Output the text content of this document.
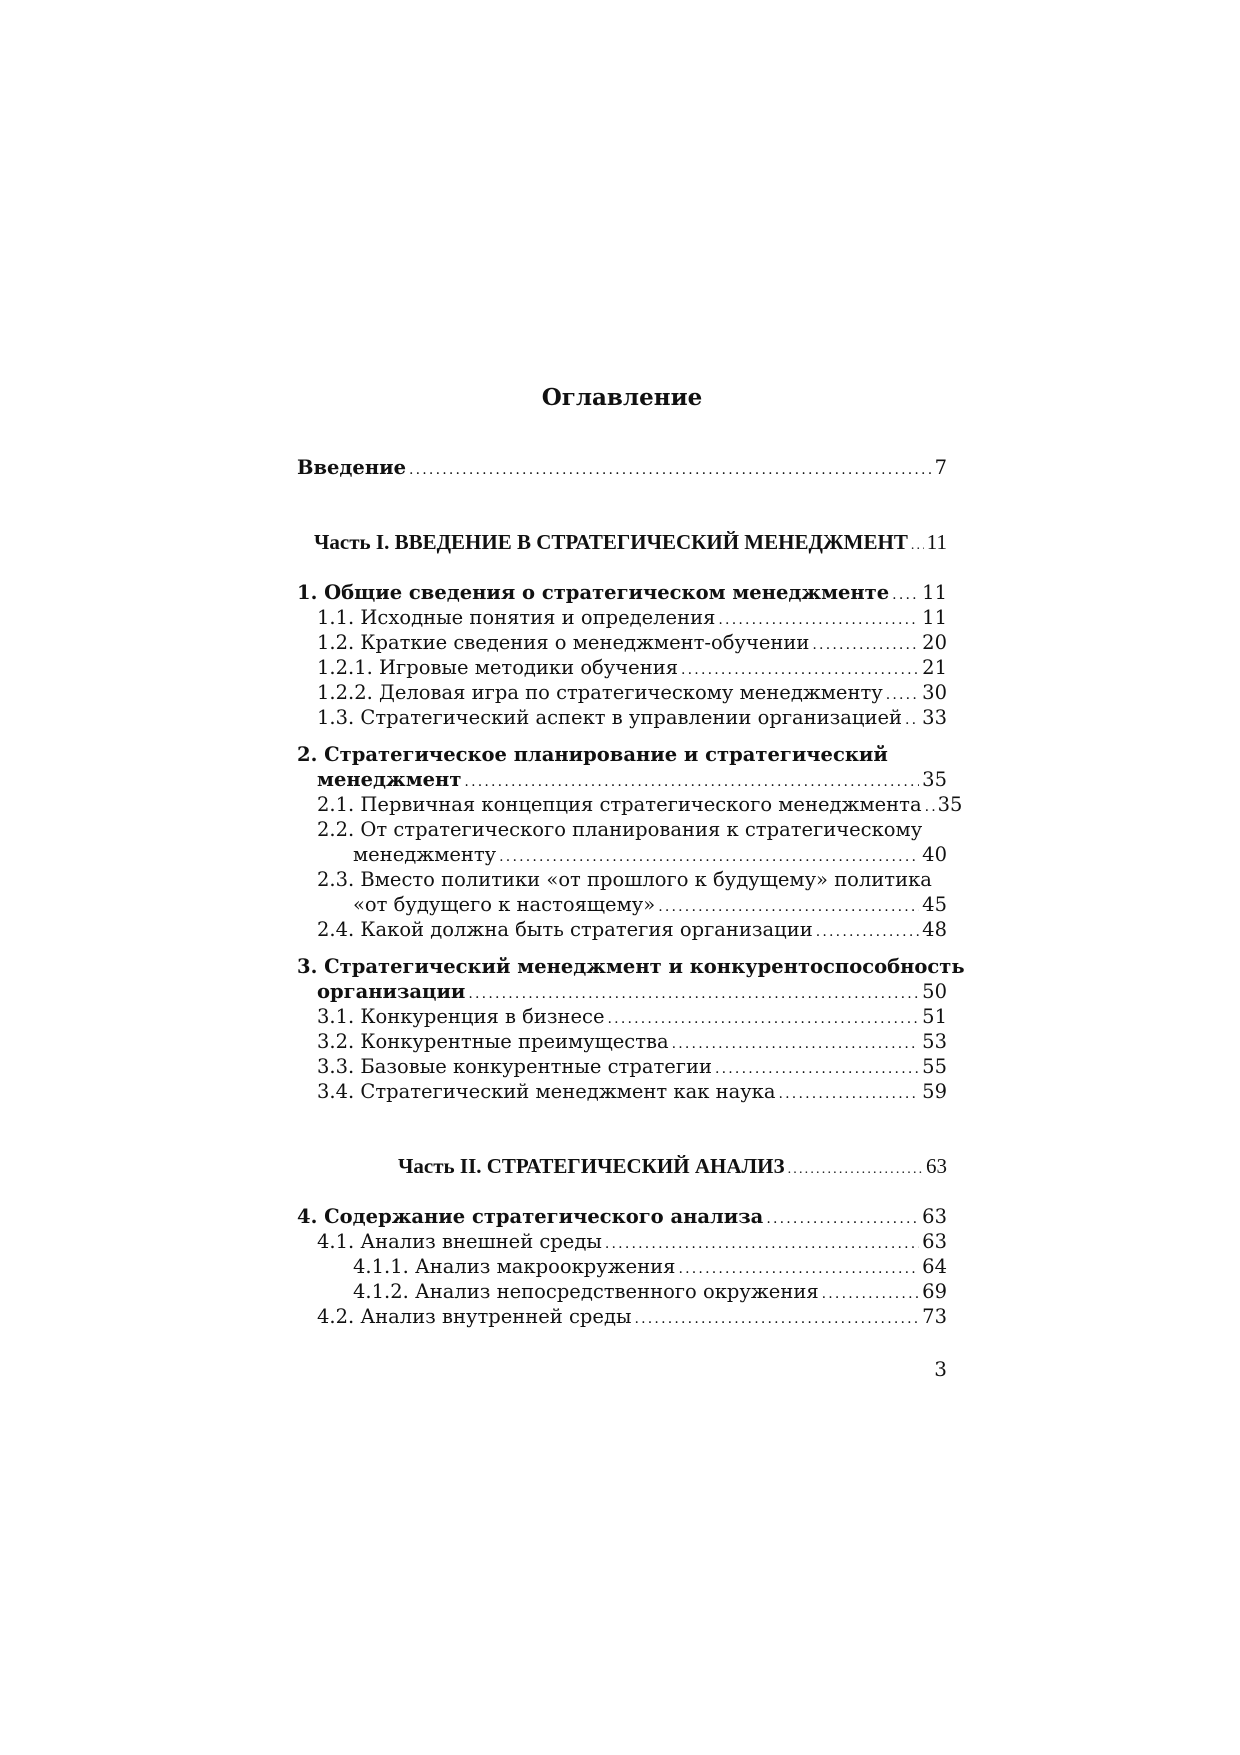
Оглавление
Введение .....	7
Часть I. ВВЕДЕНИЕ В СТРАТЕГИЧЕСКИЙ МЕНЕДЖМЕНТ ..... 11
1. Общие сведения о стратегическом менеджменте ..... 11
1.1. Исходные понятия и определения .....	11
1.2. Краткие сведения о менеджмент-обучении .....	20
1.2.1. Игровые методики обучения .....	21
1.2.2. Деловая игра по стратегическому менеджменту ..... 30
1.3. Стратегический аспект в управлении организацией ..... 33
2. Стратегическое планирование и стратегический
менеджмент .....	35
2.1. Первичная концепция стратегического менеджмента ..... 35
2.2. От стратегического планирования к стратегическому
менеджменту .....	40
2.3. Вместо политики «от прошлого к будущему» политика
«от будущего к настоящему» .....	45
2.4. Какой должна быть стратегия организации .....	48
3. Стратегический менеджмент и конкурентоспособность
организации .....	50
3.1. Конкуренция в бизнесе .....	51
3.2. Конкурентные преимущества .....	53
3.3. Базовые конкурентные стратегии .....	55
3.4. Стратегический менеджмент как наука .....	59
Часть II. СТРАТЕГИЧЕСКИЙ АНАЛИЗ .....	63
4. Содержание стратегического анализа .....	63
4.1. Анализ внешней среды .....	63
4.1.1. Анализ макроокружения .....	64
4.1.2. Анализ непосредственного окружения .....	69
4.2. Анализ внутренней среды .....	73
3
